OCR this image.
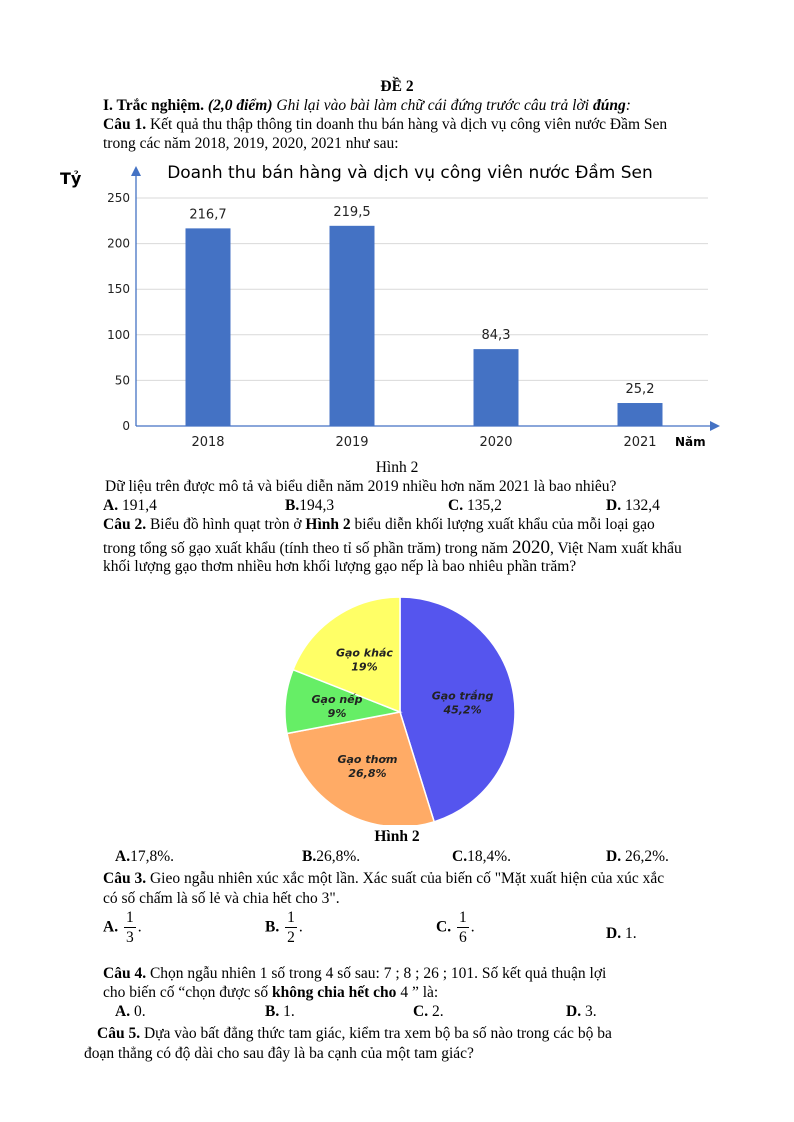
ĐỀ 2
I. Trắc nghiệm. (2,0 điểm) Ghi lại vào bài làm chữ cái đứng trước câu trả lời đúng:
Câu 1. Kết quả thu thập thông tin doanh thu bán hàng và dịch vụ công viên nước Đầm Sen
trong các năm 2018, 2019, 2020, 2021 như sau:
Tỷ	Doanh thu bán hàng và dịch vụ công viên nước Đầm Sen
0
50
100
150
200
250
216,7	219,5
84,3
25,2
2018	2019	2020	2021 Năm
Hình 2
Dữ liệu trên được mô tả và biểu diễn năm 2019 nhiều hơn năm 2021 là bao nhiêu?
A. 191,4	B.194,3	C. 135,2	D. 132,4
Câu 2. Biểu đồ hình quạt tròn ở Hình 2 biểu diễn khối lượng xuất khẩu của mỗi loại gạo
trong tổng số gạo xuất khẩu (tính theo tỉ số phần trăm) trong năm 2020, Việt Nam xuất khẩu
khối lượng gạo thơm nhiều hơn khối lượng gạo nếp là bao nhiêu phần trăm?
Gạo trắng
45,2%
Gạo thơm
26,8%
Gạo nếp
9%
Gạo khác
19%
Hình 2
A.17,8%.	B.26,8%.	C.18,4%.	D. 26,2%.
Câu 3. Gieo ngẫu nhiên xúc xắc một lần. Xác suất của biến cố "Mặt xuất hiện của xúc xắc
có số chấm là số lẻ và chia hết cho 3".
A. $\frac{1}{3}$ .	B. $\frac{1}{2}$ .	C. $\frac{1}{6}$ .	D. 1.
Câu 4. Chọn ngẫu nhiên 1 số trong 4 số sau: 7 ; 8 ; 26 ; 101. Số kết quả thuận lợi
cho biến cố “chọn được số không chia hết cho 4 ” là:
A. 0.	B. 1.	C. 2.	D. 3.
Câu 5. Dựa vào bất đẳng thức tam giác, kiểm tra xem bộ ba số nào trong các bộ ba
đoạn thẳng có độ dài cho sau đây là ba cạnh của một tam giác?
